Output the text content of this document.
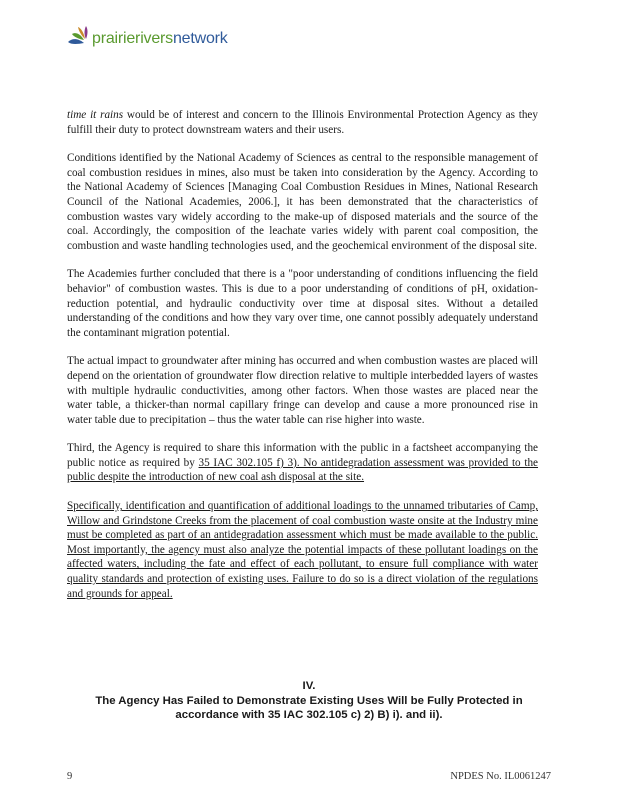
prairieriversnetwork

time it rains would be of interest and concern to the Illinois Environmental Protection Agency as they fulfill their duty to protect downstream waters and their users.

Conditions identified by the National Academy of Sciences as central to the responsible management of coal combustion residues in mines, also must be taken into consideration by the Agency. According to the National Academy of Sciences [Managing Coal Combustion Residues in Mines, National Research Council of the National Academies, 2006.], it has been demonstrated that the characteristics of combustion wastes vary widely according to the make-up of disposed materials and the source of the coal. Accordingly, the composition of the leachate varies widely with parent coal composition, the combustion and waste handling technologies used, and the geochemical environment of the disposal site.

The Academies further concluded that there is a "poor understanding of conditions influencing the field behavior" of combustion wastes. This is due to a poor understanding of conditions of pH, oxidation-reduction potential, and hydraulic conductivity over time at disposal sites. Without a detailed understanding of the conditions and how they vary over time, one cannot possibly adequately understand the contaminant migration potential.

The actual impact to groundwater after mining has occurred and when combustion wastes are placed will depend on the orientation of groundwater flow direction relative to multiple interbedded layers of wastes with multiple hydraulic conductivities, among other factors. When those wastes are placed near the water table, a thicker-than normal capillary fringe can develop and cause a more pronounced rise in water table due to precipitation – thus the water table can rise higher into waste.

Third, the Agency is required to share this information with the public in a factsheet accompanying the public notice as required by 35 IAC 302.105 f) 3). No antidegradation assessment was provided to the public despite the introduction of new coal ash disposal at the site.

Specifically, identification and quantification of additional loadings to the unnamed tributaries of Camp, Willow and Grindstone Creeks from the placement of coal combustion waste onsite at the Industry mine must be completed as part of an antidegradation assessment which must be made available to the public. Most importantly, the agency must also analyze the potential impacts of these pollutant loadings on the affected waters, including the fate and effect of each pollutant, to ensure full compliance with water quality standards and protection of existing uses. Failure to do so is a direct violation of the regulations and grounds for appeal.

IV.
The Agency Has Failed to Demonstrate Existing Uses Will be Fully Protected in accordance with 35 IAC 302.105 c) 2) B) i). and ii).
9	NPDES No. IL0061247
